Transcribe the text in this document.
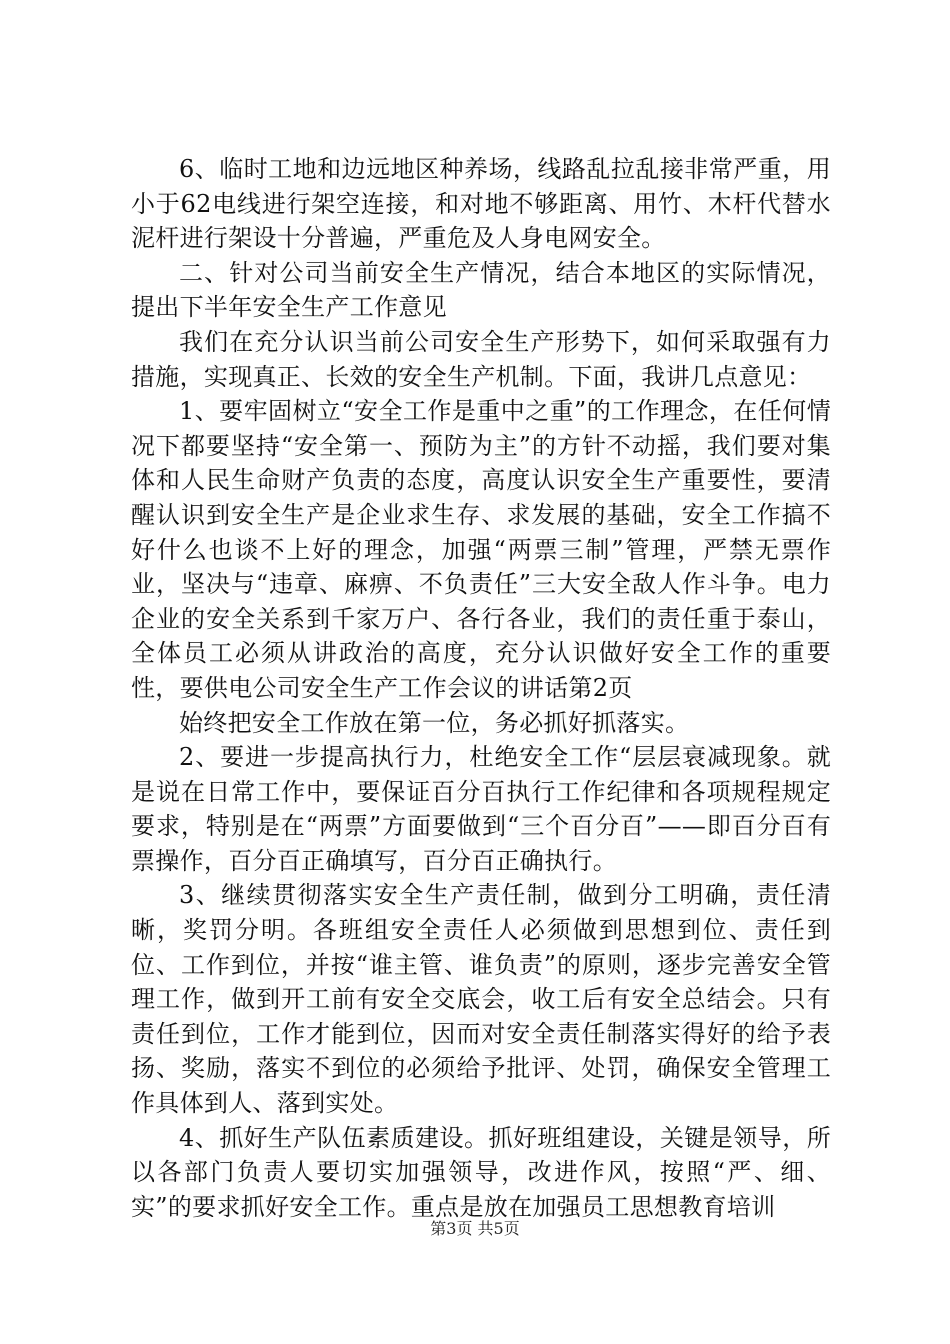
6、临时工地和边远地区种养场，线路乱拉乱接非常严重，用小于62电线进行架空连接，和对地不够距离、用竹、木杆代替水泥杆进行架设十分普遍，严重危及人身电网安全。

二、针对公司当前安全生产情况，结合本地区的实际情况，提出下半年安全生产工作意见

我们在充分认识当前公司安全生产形势下，如何采取强有力措施，实现真正、长效的安全生产机制。下面，我讲几点意见：

1、要牢固树立“安全工作是重中之重”的工作理念，在任何情况下都要坚持“安全第一、预防为主”的方针不动摇，我们要对集体和人民生命财产负责的态度，高度认识安全生产重要性，要清醒认识到安全生产是企业求生存、求发展的基础，安全工作搞不好什么也谈不上好的理念，加强“两票三制”管理，严禁无票作业，坚决与“违章、麻痹、不负责任”三大安全敌人作斗争。电力企业的安全关系到千家万户、各行各业，我们的责任重于泰山，全体员工必须从讲政治的高度，充分认识做好安全工作的重要性，要供电公司安全生产工作会议的讲话第2页

始终把安全工作放在第一位，务必抓好抓落实。

2、要进一步提高执行力，杜绝安全工作“层层衰减现象。就是说在日常工作中，要保证百分百执行工作纪律和各项规程规定要求，特别是在“两票”方面要做到“三个百分百”——即百分百有票操作，百分百正确填写，百分百正确执行。

3、继续贯彻落实安全生产责任制，做到分工明确，责任清晰，奖罚分明。各班组安全责任人必须做到思想到位、责任到位、工作到位，并按“谁主管、谁负责”的原则，逐步完善安全管理工作，做到开工前有安全交底会，收工后有安全总结会。只有责任到位，工作才能到位，因而对安全责任制落实得好的给予表扬、奖励，落实不到位的必须给予批评、处罚，确保安全管理工作具体到人、落到实处。

4、抓好生产队伍素质建设。抓好班组建设，关键是领导，所以各部门负责人要切实加强领导，改进作风，按照“严、细、实”的要求抓好安全工作。重点是放在加强员工思想教育培训

第3页 共5页
